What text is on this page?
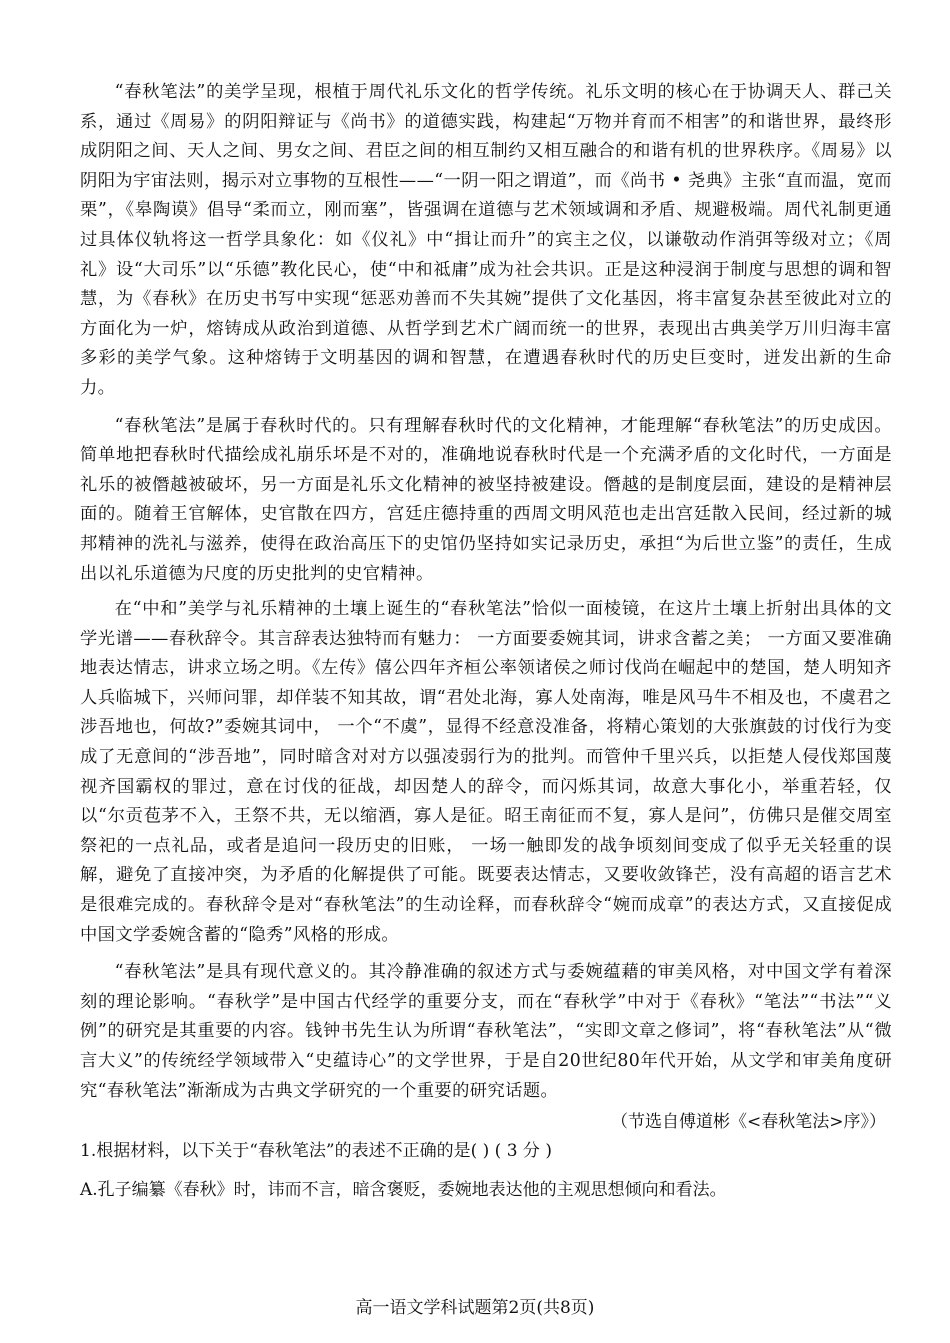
“春秋笔法”的美学呈现，根植于周代礼乐文化的哲学传统。礼乐文明的核心在于协调天人、群己关系，通过《周易》的阴阳辩证与《尚书》的道德实践，构建起“万物并育而不相害”的和谐世界，最终形成阴阳之间、天人之间、男女之间、君臣之间的相互制约又相互融合的和谐有机的世界秩序。《周易》以阴阳为宇宙法则，揭示对立事物的互根性——“一阴一阳之谓道”，而《尚书 • 尧典》主张“直而温，宽而栗”，《皋陶谟》倡导“柔而立，刚而塞”，皆强调在道德与艺术领域调和矛盾、规避极端。周代礼制更通过具体仪轨将这一哲学具象化：如《仪礼》中“揖让而升”的宾主之仪，以谦敬动作消弭等级对立；《周礼》设“大司乐”以“乐德”教化民心，使“中和祗庸”成为社会共识。正是这种浸润于制度与思想的调和智慧，为《春秋》在历史书写中实现“惩恶劝善而不失其婉”提供了文化基因，将丰富复杂甚至彼此对立的方面化为一炉，熔铸成从政治到道德、从哲学到艺术广阔而统一的世界，表现出古典美学万川归海丰富多彩的美学气象。这种熔铸于文明基因的调和智慧，在遭遇春秋时代的历史巨变时，迸发出新的生命力。

“春秋笔法”是属于春秋时代的。只有理解春秋时代的文化精神，才能理解“春秋笔法”的历史成因。简单地把春秋时代描绘成礼崩乐坏是不对的，准确地说春秋时代是一个充满矛盾的文化时代，一方面是礼乐的被僭越被破坏，另一方面是礼乐文化精神的被坚持被建设。僭越的是制度层面，建设的是精神层面的。随着王官解体，史官散在四方，宫廷庄德持重的西周文明风范也走出宫廷散入民间，经过新的城邦精神的洗礼与滋养，使得在政治高压下的史馆仍坚持如实记录历史，承担“为后世立鉴”的责任，生成出以礼乐道德为尺度的历史批判的史官精神。

在“中和”美学与礼乐精神的土壤上诞生的“春秋笔法”恰似一面棱镜，在这片土壤上折射出具体的文学光谱——春秋辞令。其言辞表达独特而有魅力： 一方面要委婉其词，讲求含蓄之美； 一方面又要准确地表达情志，讲求立场之明。《左传》僖公四年齐桓公率领诸侯之师讨伐尚在崛起中的楚国，楚人明知齐人兵临城下，兴师问罪，却佯装不知其故，谓“君处北海，寡人处南海，唯是风马牛不相及也，不虞君之涉吾地也，何故?”委婉其词中， 一个“不虞”，显得不经意没准备，将精心策划的大张旗鼓的讨伐行为变成了无意间的“涉吾地”，同时暗含对对方以强凌弱行为的批判。而管仲千里兴兵，以拒楚人侵伐郑国蔑视齐国霸权的罪过，意在讨伐的征战，却因楚人的辞令，而闪烁其词，故意大事化小，举重若轻，仅以“尔贡苞茅不入，王祭不共，无以缩酒，寡人是征。昭王南征而不复，寡人是问”，仿佛只是催交周室祭祀的一点礼品，或者是追问一段历史的旧账， 一场一触即发的战争顷刻间变成了似乎无关轻重的误解，避免了直接冲突，为矛盾的化解提供了可能。既要表达情志，又要收敛锋芒，没有高超的语言艺术是很难完成的。春秋辞令是对“春秋笔法”的生动诠释，而春秋辞令“婉而成章”的表达方式，又直接促成中国文学委婉含蓄的“隐秀”风格的形成。

“春秋笔法”是具有现代意义的。其冷静准确的叙述方式与委婉蕴藉的审美风格，对中国文学有着深刻的理论影响。“春秋学”是中国古代经学的重要分支，而在“春秋学”中对于《春秋》“笔法”“书法”“义例”的研究是其重要的内容。钱钟书先生认为所谓“春秋笔法”，“实即文章之修词”，将“春秋笔法”从“微言大义”的传统经学领域带入“史蕴诗心”的文学世界，于是自20世纪80年代开始，从文学和审美角度研究“春秋笔法”渐渐成为古典文学研究的一个重要的研究话题。

（节选自傅道彬《<春秋笔法>序》）

1.根据材料，以下关于“春秋笔法”的表述不正确的是( ) ( 3 分 )

A.孔子编纂《春秋》时，讳而不言，暗含褒贬，委婉地表达他的主观思想倾向和看法。

高一语文学科试题第2页(共8页)
